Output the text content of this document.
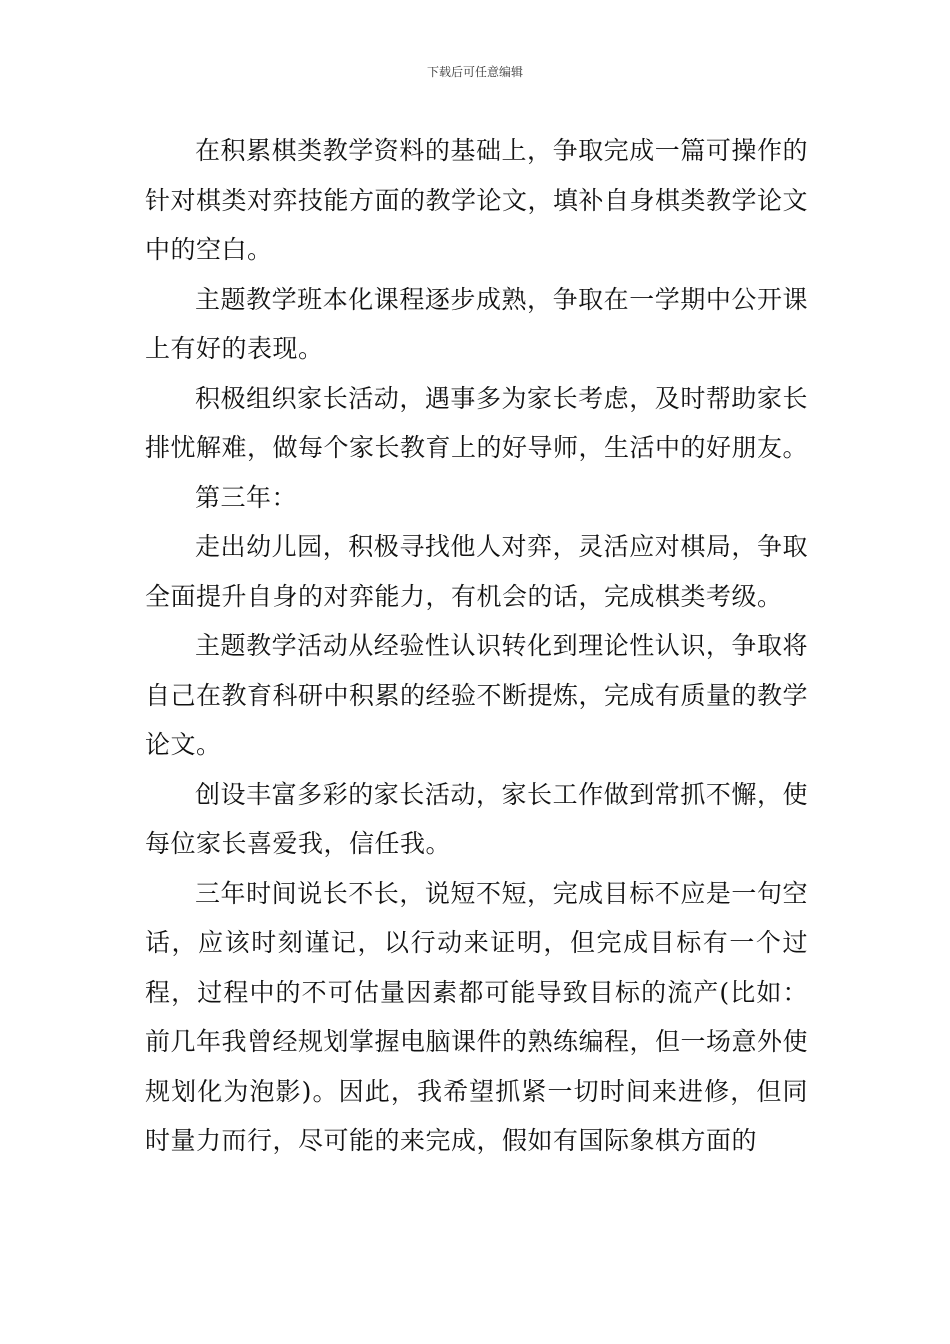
下载后可任意编辑

在积累棋类教学资料的基础上，争取完成一篇可操作的针对棋类对弈技能方面的教学论文，填补自身棋类教学论文中的空白。

主题教学班本化课程逐步成熟，争取在一学期中公开课上有好的表现。

积极组织家长活动，遇事多为家长考虑，及时帮助家长排忧解难，做每个家长教育上的好导师，生活中的好朋友。

第三年：

走出幼儿园，积极寻找他人对弈，灵活应对棋局，争取全面提升自身的对弈能力，有机会的话，完成棋类考级。

主题教学活动从经验性认识转化到理论性认识，争取将自己在教育科研中积累的经验不断提炼，完成有质量的教学论文。

创设丰富多彩的家长活动，家长工作做到常抓不懈，使每位家长喜爱我，信任我。

三年时间说长不长，说短不短，完成目标不应是一句空话，应该时刻谨记，以行动来证明，但完成目标有一个过程，过程中的不可估量因素都可能导致目标的流产(比如：前几年我曾经规划掌握电脑课件的熟练编程，但一场意外使规划化为泡影)。因此，我希望抓紧一切时间来进修，但同时量力而行，尽可能的来完成，假如有国际象棋方面的
